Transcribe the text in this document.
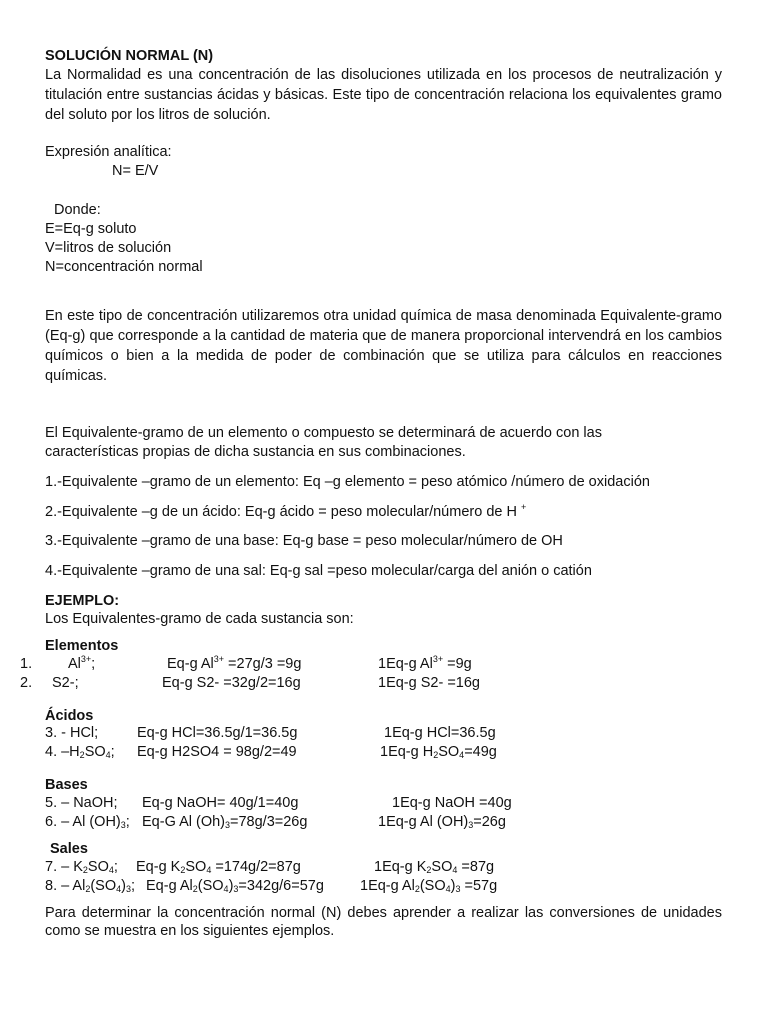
SOLUCIÓN NORMAL (N)
La Normalidad es una concentración de las disoluciones utilizada en los procesos de neutralización y titulación entre sustancias ácidas y básicas. Este tipo de concentración relaciona los equivalentes gramo del soluto por los litros de solución.
Expresión analítica:
N= E/V
Donde:
E=Eq-g soluto
V=litros de solución
N=concentración normal
En este tipo de concentración utilizaremos otra unidad química de masa denominada Equivalente-gramo (Eq-g) que corresponde a la cantidad de materia que de manera proporcional intervendrá en los cambios químicos o bien a la medida de poder de combinación que se utiliza para cálculos en reacciones químicas.
El Equivalente-gramo de un elemento o compuesto se determinará de acuerdo con las características propias de dicha sustancia en sus combinaciones.
1.-Equivalente –gramo de un elemento: Eq –g elemento = peso atómico /número de oxidación
2.-Equivalente –g de un ácido: Eq-g ácido = peso molecular/número de H +
3.-Equivalente –gramo de una base: Eq-g base = peso molecular/número de OH
4.-Equivalente –gramo de una sal: Eq-g sal =peso molecular/carga del anión o catión
EJEMPLO:
Los Equivalentes-gramo de cada sustancia son:
Elementos
1. $Al^{3+}$;	Eq-g $Al^{3+} =27g/3 =9g$	1Eq-g $Al^{3+} =9g$
2. S2-;	Eq-g S2- =32g/2=16g	1Eq-g S2- =16g
Ácidos
3. - HCl;	Eq-g HCl=36.5g/1=36.5g	1Eq-g HCl=36.5g
4. $-H_2SO_4$; Eq-g H2SO4 = 98g/2=49	1Eq-g $H_2SO_4=49g$
Bases
5. – NaOH; Eq-g NaOH= 40g/1=40g	1Eq-g NaOH =40g
6. – Al $(OH)_3$; Eq-G Al $(Oh)_3=78g/3=26g$	1Eq-g Al $(OH)_3=26g$
Sales
7. – $K_2SO_4$; Eq-g $K_2SO_4 =174g/2=87g$	1Eq-g $K_2SO_4 =87g$
8. – $Al_2(SO_4)_3$; Eq-g $Al_2(SO_4)_3=342g/6=57g$ 1Eq-g $Al_2(SO_4)_3 =57g$
Para determinar la concentración normal (N) debes aprender a realizar las conversiones de unidades como se muestra en los siguientes ejemplos.
